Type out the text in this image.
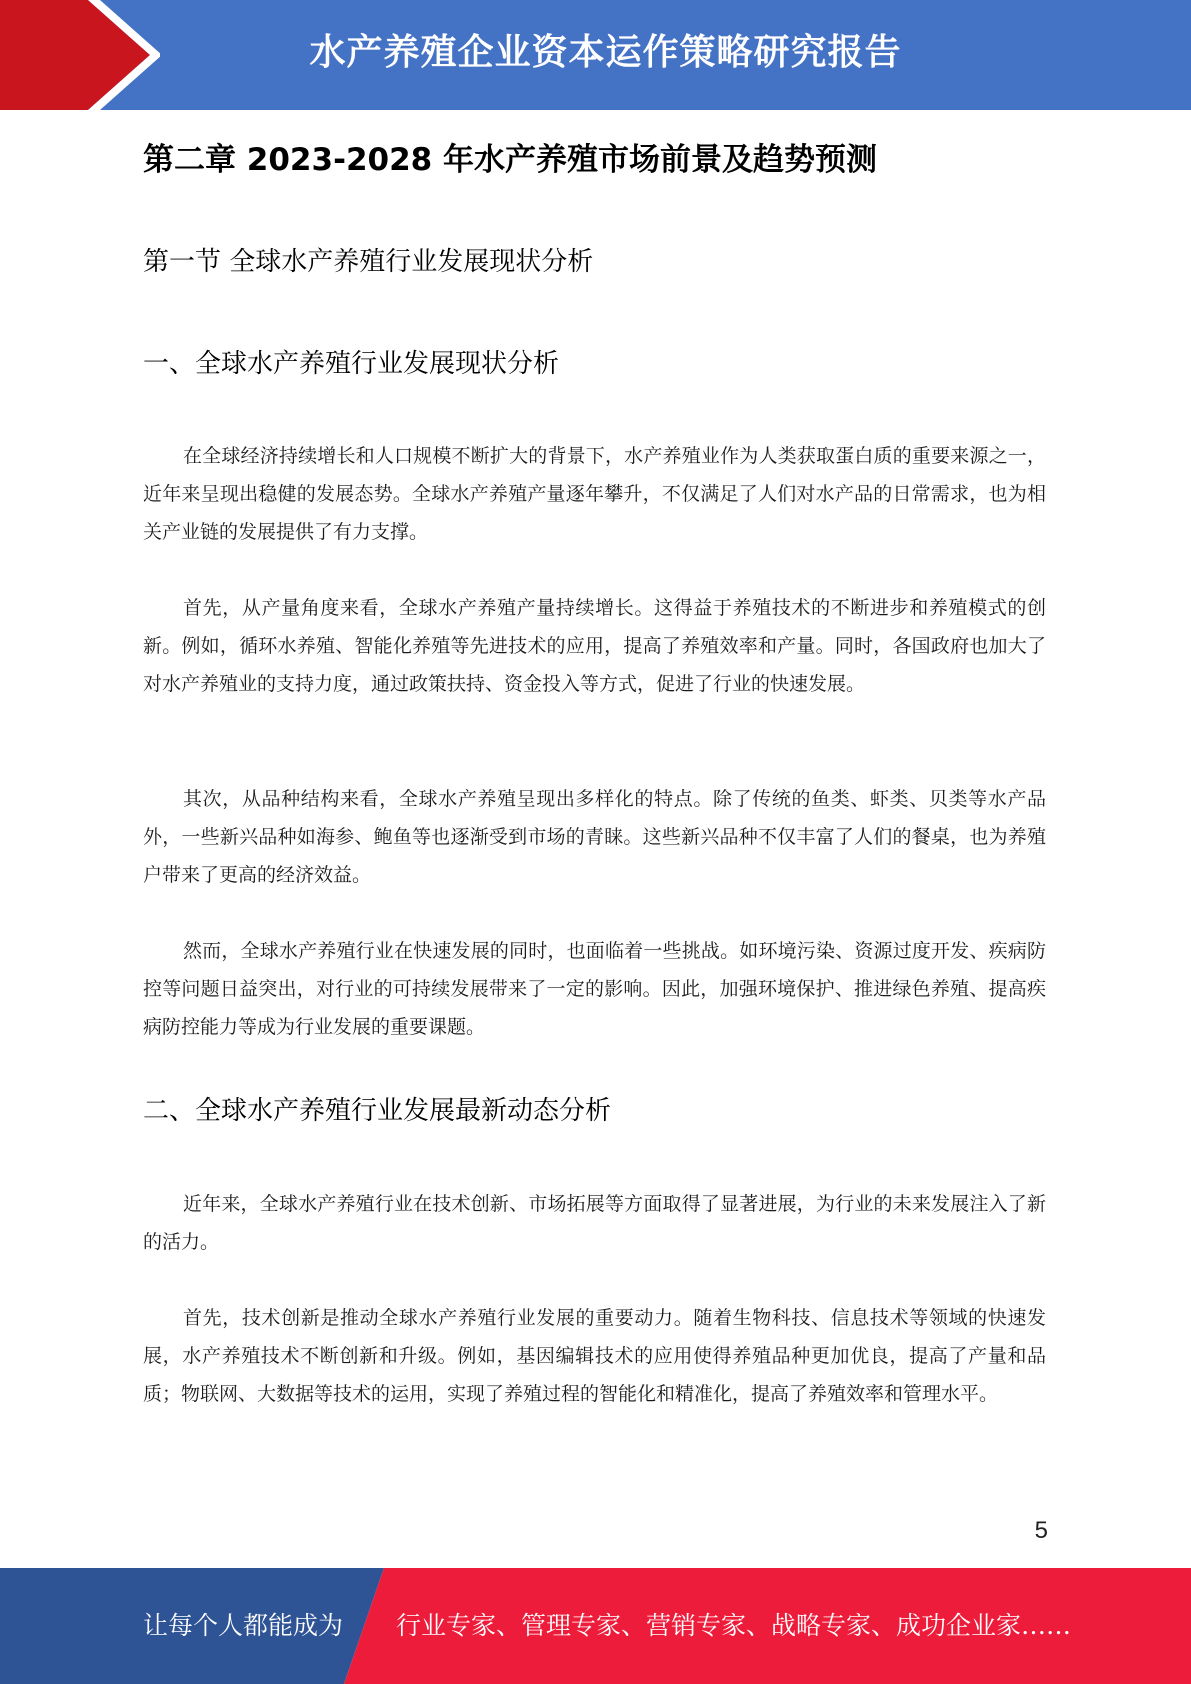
水产养殖企业资本运作策略研究报告
第二章 2023-2028 年水产养殖市场前景及趋势预测
第一节 全球水产养殖行业发展现状分析
一、全球水产养殖行业发展现状分析

在全球经济持续增长和人口规模不断扩大的背景下，水产养殖业作为人类获取蛋白质的重要来源之一，近年来呈现出稳健的发展态势。全球水产养殖产量逐年攀升，不仅满足了人们对水产品的日常需求，也为相关产业链的发展提供了有力支撑。

首先，从产量角度来看，全球水产养殖产量持续增长。这得益于养殖技术的不断进步和养殖模式的创新。例如，循环水养殖、智能化养殖等先进技术的应用，提高了养殖效率和产量。同时，各国政府也加大了对水产养殖业的支持力度，通过政策扶持、资金投入等方式，促进了行业的快速发展。

其次，从品种结构来看，全球水产养殖呈现出多样化的特点。除了传统的鱼类、虾类、贝类等水产品外，一些新兴品种如海参、鲍鱼等也逐渐受到市场的青睐。这些新兴品种不仅丰富了人们的餐桌，也为养殖户带来了更高的经济效益。

然而，全球水产养殖行业在快速发展的同时，也面临着一些挑战。如环境污染、资源过度开发、疾病防控等问题日益突出，对行业的可持续发展带来了一定的影响。因此，加强环境保护、推进绿色养殖、提高疾病防控能力等成为行业发展的重要课题。

二、全球水产养殖行业发展最新动态分析

近年来，全球水产养殖行业在技术创新、市场拓展等方面取得了显著进展，为行业的未来发展注入了新的活力。

首先，技术创新是推动全球水产养殖行业发展的重要动力。随着生物科技、信息技术等领域的快速发展，水产养殖技术不断创新和升级。例如，基因编辑技术的应用使得养殖品种更加优良，提高了产量和品质；物联网、大数据等技术的运用，实现了养殖过程的智能化和精准化，提高了养殖效率和管理水平。

5
让每个人都能成为 行业专家、管理专家、营销专家、战略专家、成功企业家……
